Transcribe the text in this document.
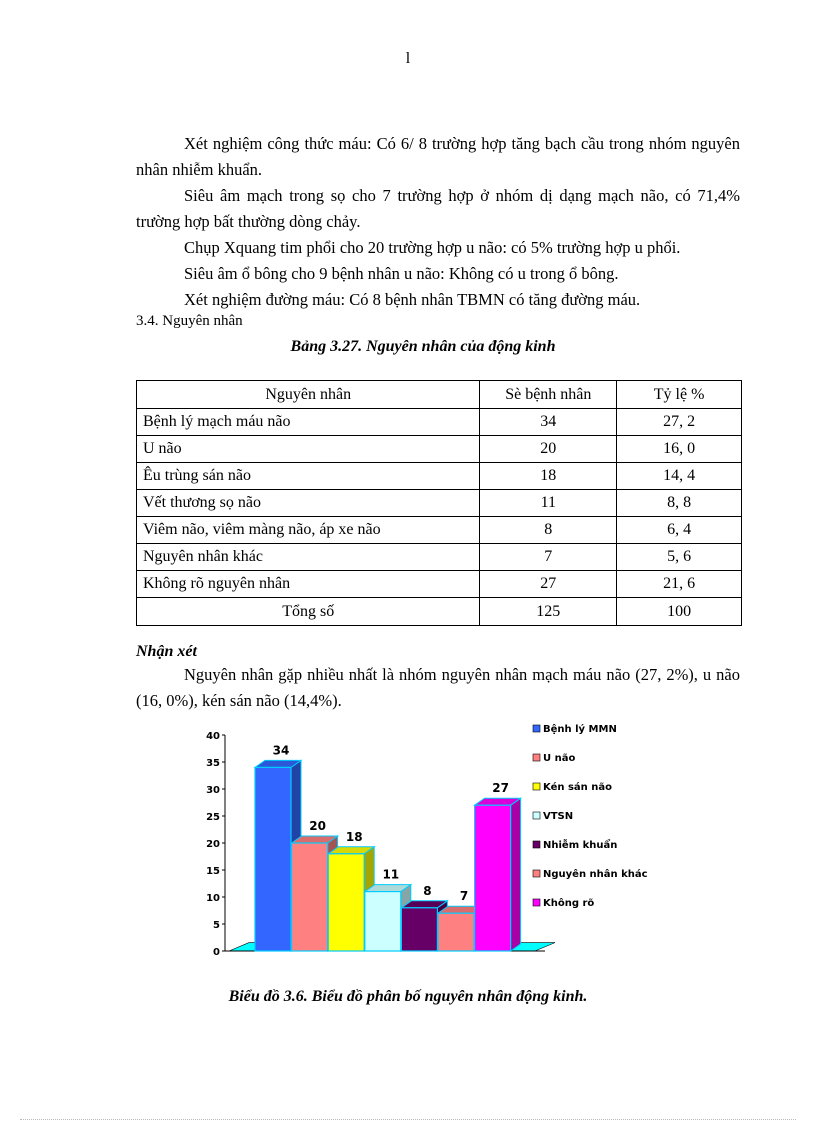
l

Xét nghiệm công thức máu: Có 6/ 8 trường hợp tăng bạch cầu trong nhóm nguyên nhân nhiễm khuẩn.

Siêu âm mạch trong sọ cho 7 trường hợp ở nhóm dị dạng mạch não, có 71,4% trường hợp bất thường dòng chảy.

Chụp Xquang tim phổi cho 20 trường hợp u não: có 5% trường hợp u phổi.

Siêu âm ổ bông cho 9 bệnh nhân u não: Không có u trong ổ bông.

Xét nghiệm đường máu: Có 8 bệnh nhân TBMN có tăng đường máu.

3.4. Nguyên nhân
Bảng 3.27. Nguyên nhân của động kinh
Nguyên nhân	Sè bệnh nhân	Tỷ lệ %
Bệnh lý mạch máu não	34	27, 2
U não	20	16, 0
Êu trùng sán não	18	14, 4
Vết thương sọ não	11	8, 8
Viêm não, viêm màng não, áp xe não	8	6, 4
Nguyên nhân khác	7	5, 6
Không rõ nguyên nhân	27	21, 6
Tổng số	125	100
Nhận xét

Nguyên nhân gặp nhiều nhất là nhóm nguyên nhân mạch máu não (27, 2%), u não (16, 0%), kén sán não (14,4%).

0
5
10
15
20
25
30
35
40
34
20
18
11
8 7
27
Bệnh lý MMN
U não
Kén sán não
VTSN
Nhiễm khuẩn
Nguyên nhân khác
Không rõ
Biểu đồ 3.6. Biểu đồ phân bố nguyên nhân động kinh.
